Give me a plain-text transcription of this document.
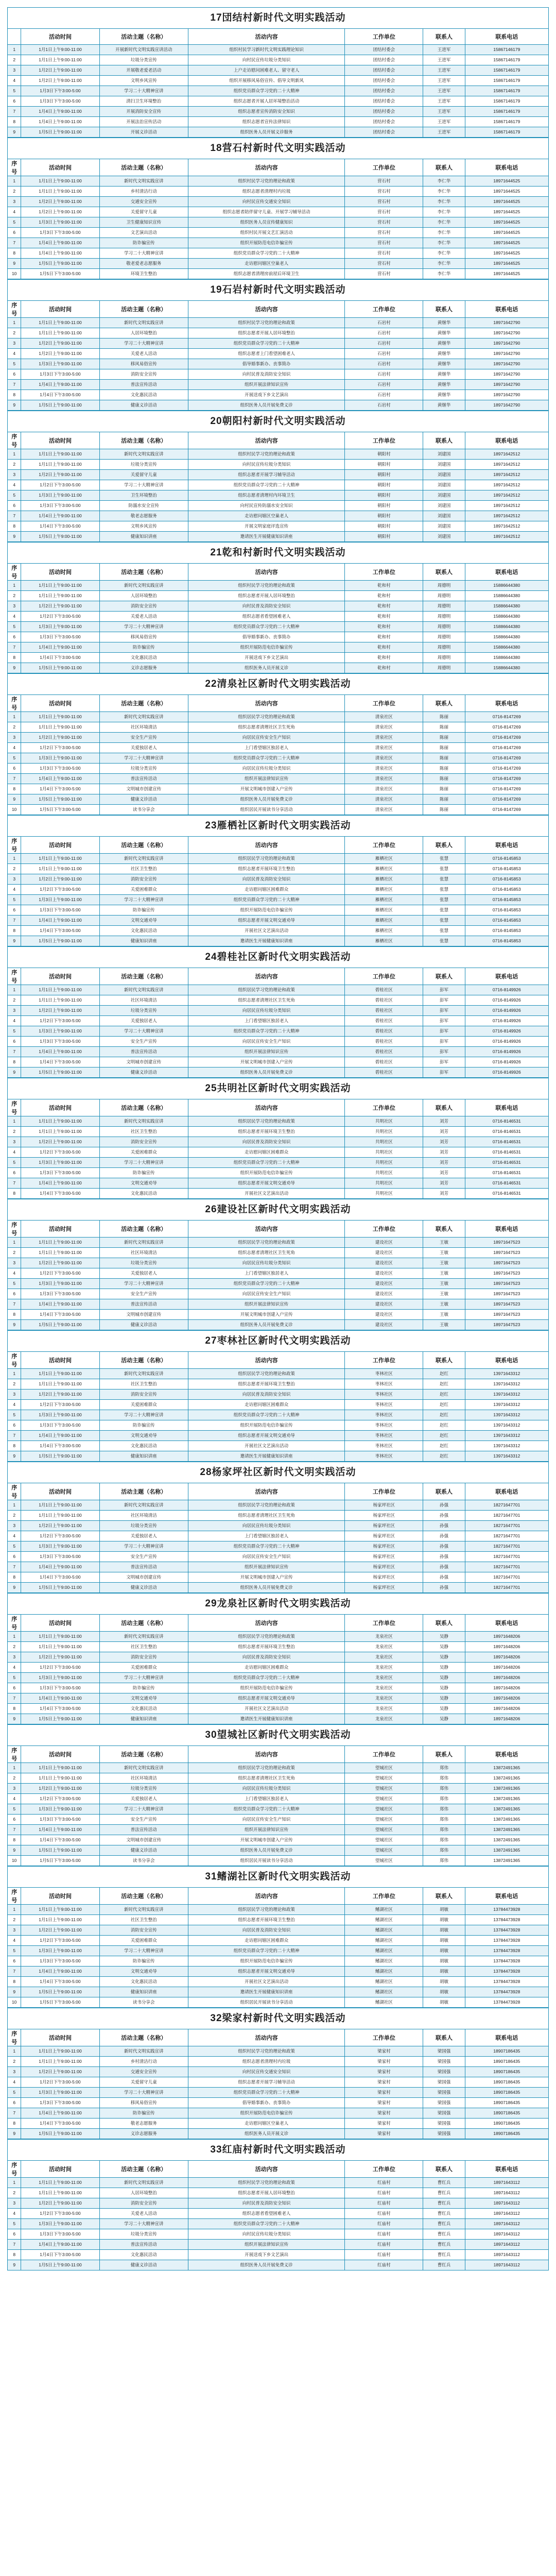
17団结村新时代文明实践活动
	活动时间	活动主题（名称）	活动内容	工作单位	联系人	联系电话
1	1月1日上午9:00-11:00	开展新时代文明实践宣讲活动	组织村民学习新时代文明实践理论知识	团结村委会	王进军	15867146179
2	1月1日上午9:00-11:00	垃圾分类宣传	向村民宣传垃圾分类知识	团结村委会	王进军	15867146179
3	1月2日上午9:00-11:00	开展敬老爱老活动	上户走访慰问困难老人、留守老人	团结村委会	王进军	15867146179
4	1月2日上午9:00-11:00	文明乡风宣传	组织开展移风易俗宣传、倡导文明新风	团结村委会	王进军	15867146179
5	1月3日下午3:00-5:00	学习二十大精神宣讲	组织党员群众学习党的二十大精神	团结村委会	王进军	15867146179
6	1月3日下午3:00-5:00	清扫卫生环境整治	组织志愿者开展人居环境整治活动	团结村委会	王进军	15867146179
7	1月4日上午9:00-11:00	开展消防安全宣传	组织志愿者宣传消防安全知识	团结村委会	王进军	15867146179
8	1月4日上午9:00-11:00	开展法治宣传活动	组织志愿者宣传法律知识	团结村委会	王进军	15867146179
9	1月5日上午9:00-11:00	开展义诊活动	组织医务人员开展义诊服务	团结村委会	王进军	15867146179
18营石村新时代文明实践活动
序号	活动时间	活动主题（名称）	活动内容	工作单位	联系人	联系电话
1	1月1日上午9:00-11:00	新时代文明实践宣讲	组织村民学习党的理论和政策	营石村	李仁华	18971644525
2	1月1日上午9:00-11:00	乡村清洁行动	组织志愿者清理村内垃圾	营石村	李仁华	18971644525
3	1月2日上午9:00-11:00	交通安全宣传	向村民宣传交通安全知识	营石村	李仁华	18971644525
4	1月2日上午9:00-11:00	关爱留守儿童	组织志愿者陪伴留守儿童、开展学习辅导活动	营石村	李仁华	18971644525
5	1月3日上午9:00-11:00	卫生健康知识宣传	组织医务人员宣传健康知识	营石村	李仁华	18971644525
6	1月3日下午3:00-5:00	文艺演出活动	组织村民开展文艺汇演活动	营石村	李仁华	18971644525
7	1月4日上午9:00-11:00	防诈骗宣传	组织开展防范电信诈骗宣传	营石村	李仁华	18971644525
8	1月4日上午9:00-11:00	学习二十大精神宣讲	组织党员群众学习党的二十大精神	营石村	李仁华	18971644525
9	1月5日上午9:00-11:00	敬老爱老志愿服务	走访慰问辖区空巢老人	营石村	李仁华	18971644525
10	1月5日下午3:00-5:00	环境卫生整治	组织志愿者清理房前屋后环境卫生	营石村	李仁华	18971644525
19石岩村新时代文明实践活动
序号	活动时间	活动主题（名称）	活动内容	工作单位	联系人	联系电话
1	1月1日上午9:00-11:00	新时代文明实践宣讲	组织村民学习党的理论和政策	石岩村	黄继华	18971642790
2	1月1日上午9:00-11:00	人居环境整治	组织志愿者开展人居环境整治	石岩村	黄继华	18971642790
3	1月2日上午9:00-11:00	学习二十大精神宣讲	组织党员群众学习党的二十大精神	石岩村	黄继华	18971642790
4	1月2日上午9:00-11:00	关爱老人活动	组织志愿者上门看望困难老人	石岩村	黄继华	18971642790
5	1月3日上午9:00-11:00	移风易俗宣传	倡导婚事新办、丧事简办	石岩村	黄继华	18971642790
6	1月3日下午3:00-5:00	消防安全宣传	向村民普及消防安全知识	石岩村	黄继华	18971642790
7	1月4日上午9:00-11:00	普法宣传活动	组织开展法律知识宣传	石岩村	黄继华	18971642790
8	1月4日下午3:00-5:00	文化惠民活动	开展送戏下乡文艺演出	石岩村	黄继华	18971642790
9	1月5日上午9:00-11:00	健康义诊活动	组织医务人员开展免费义诊	石岩村	黄继华	18971642790
20朝阳村新时代文明实践活动
序号	活动时间	活动主题（名称）	活动内容	工作单位	联系人	联系电话
1	1月1日上午9:00-11:00	新时代文明实践宣讲	组织村民学习党的理论和政策	朝阳村	刘建国	18971642512
2	1月1日上午9:00-11:00	垃圾分类宣传	向村民宣传垃圾分类知识	朝阳村	刘建国	18971642512
3	1月2日上午9:00-11:00	关爱留守儿童	组织志愿者开展学习辅导活动	朝阳村	刘建国	18971642512
4	1月2日下午3:00-5:00	学习二十大精神宣讲	组织党员群众学习党的二十大精神	朝阳村	刘建国	18971642512
5	1月3日上午9:00-11:00	卫生环境整治	组织志愿者清理村内环境卫生	朝阳村	刘建国	18971642512
6	1月3日下午3:00-5:00	防溺水安全宣传	向村民宣传防溺水安全知识	朝阳村	刘建国	18971642512
7	1月4日上午9:00-11:00	敬老志愿服务	走访慰问辖区空巢老人	朝阳村	刘建国	18971642512
8	1月4日下午3:00-5:00	文明乡风宣传	开展文明家庭评选宣传	朝阳村	刘建国	18971642512
9	1月5日上午9:00-11:00	健康知识讲座	邀请医生开展健康知识讲座	朝阳村	刘建国	18971642512
21乾和村新时代文明实践活动
序号	活动时间	活动主题（名称）	活动内容	工作单位	联系人	联系电话
1	1月1日上午9:00-11:00	新时代文明实践宣讲	组织村民学习党的理论和政策	乾和村	周德明	15886644380
2	1月1日上午9:00-11:00	人居环境整治	组织志愿者开展人居环境整治	乾和村	周德明	15886644380
3	1月2日上午9:00-11:00	消防安全宣传	向村民普及消防安全知识	乾和村	周德明	15886644380
4	1月2日下午3:00-5:00	关爱老人活动	组织志愿者看望困难老人	乾和村	周德明	15886644380
5	1月3日上午9:00-11:00	学习二十大精神宣讲	组织党员群众学习党的二十大精神	乾和村	周德明	15886644380
6	1月3日下午3:00-5:00	移风易俗宣传	倡导婚事新办、丧事简办	乾和村	周德明	15886644380
7	1月4日上午9:00-11:00	防诈骗宣传	组织开展防范电信诈骗宣传	乾和村	周德明	15886644380
8	1月4日下午3:00-5:00	文化惠民活动	开展送戏下乡文艺演出	乾和村	周德明	15886644380
9	1月5日上午9:00-11:00	义诊志愿服务	组织医务人员开展义诊	乾和村	周德明	15886644380
22清泉社区新时代文明实践活动
序号	活动时间	活动主题（名称）	活动内容	工作单位	联系人	联系电话
1	1月1日上午9:00-11:00	新时代文明实践宣讲	组织居民学习党的理论和政策	清泉社区	陈丽	0716-8147269
2	1月1日上午9:00-11:00	社区环境清洁	组织志愿者清理社区卫生死角	清泉社区	陈丽	0716-8147269
3	1月2日上午9:00-11:00	安全生产宣传	向居民宣传安全生产知识	清泉社区	陈丽	0716-8147269
4	1月2日下午3:00-5:00	关爱独居老人	上门看望辖区独居老人	清泉社区	陈丽	0716-8147269
5	1月3日上午9:00-11:00	学习二十大精神宣讲	组织党员群众学习党的二十大精神	清泉社区	陈丽	0716-8147269
6	1月3日下午3:00-5:00	垃圾分类宣传	向居民宣传垃圾分类知识	清泉社区	陈丽	0716-8147269
7	1月4日上午9:00-11:00	普法宣传活动	组织开展法律知识宣传	清泉社区	陈丽	0716-8147269
8	1月4日下午3:00-5:00	文明城市创建宣传	开展文明城市创建入户宣传	清泉社区	陈丽	0716-8147269
9	1月5日上午9:00-11:00	健康义诊活动	组织医务人员开展免费义诊	清泉社区	陈丽	0716-8147269
10	1月5日下午3:00-5:00	读书分享会	组织居民开展读书分享活动	清泉社区	陈丽	0716-8147269
23雁栖社区新时代文明实践活动
序号	活动时间	活动主题（名称）	活动内容	工作单位	联系人	联系电话
1	1月1日上午9:00-11:00	新时代文明实践宣讲	组织居民学习党的理论和政策	雁栖社区	张慧	0716-8145853
2	1月1日上午9:00-11:00	社区卫生整治	组织志愿者开展环境卫生整治	雁栖社区	张慧	0716-8145853
3	1月2日上午9:00-11:00	消防安全宣传	向居民普及消防安全知识	雁栖社区	张慧	0716-8145853
4	1月2日下午3:00-5:00	关爱困难群众	走访慰问辖区困难群众	雁栖社区	张慧	0716-8145853
5	1月3日上午9:00-11:00	学习二十大精神宣讲	组织党员群众学习党的二十大精神	雁栖社区	张慧	0716-8145853
6	1月3日下午3:00-5:00	防诈骗宣传	组织开展防范电信诈骗宣传	雁栖社区	张慧	0716-8145853
7	1月4日上午9:00-11:00	文明交通劝导	组织志愿者开展文明交通劝导	雁栖社区	张慧	0716-8145853
8	1月4日下午3:00-5:00	文化惠民活动	开展社区文艺演出活动	雁栖社区	张慧	0716-8145853
9	1月5日上午9:00-11:00	健康知识讲座	邀请医生开展健康知识讲座	雁栖社区	张慧	0716-8145853
24碧桂社区新时代文明实践活动
序号	活动时间	活动主题（名称）	活动内容	工作单位	联系人	联系电话
1	1月1日上午9:00-11:00	新时代文明实践宣讲	组织居民学习党的理论和政策	碧桂社区	彭军	0716-8149926
2	1月1日上午9:00-11:00	社区环境清洁	组织志愿者清理社区卫生死角	碧桂社区	彭军	0716-8149926
3	1月2日上午9:00-11:00	垃圾分类宣传	向居民宣传垃圾分类知识	碧桂社区	彭军	0716-8149926
4	1月2日下午3:00-5:00	关爱独居老人	上门看望辖区独居老人	碧桂社区	彭军	0716-8149926
5	1月3日上午9:00-11:00	学习二十大精神宣讲	组织党员群众学习党的二十大精神	碧桂社区	彭军	0716-8149926
6	1月3日下午3:00-5:00	安全生产宣传	向居民宣传安全生产知识	碧桂社区	彭军	0716-8149926
7	1月4日上午9:00-11:00	普法宣传活动	组织开展法律知识宣传	碧桂社区	彭军	0716-8149926
8	1月4日下午3:00-5:00	文明城市创建宣传	开展文明城市创建入户宣传	碧桂社区	彭军	0716-8149926
9	1月5日上午9:00-11:00	健康义诊活动	组织医务人员开展免费义诊	碧桂社区	彭军	0716-8149926
25共明社区新时代文明实践活动
序号	活动时间	活动主题（名称）	活动内容	工作单位	联系人	联系电话
1	1月1日上午9:00-11:00	新时代文明实践宣讲	组织居民学习党的理论和政策	共明社区	刘芳	0716-8146531
2	1月1日上午9:00-11:00	社区卫生整治	组织志愿者开展环境卫生整治	共明社区	刘芳	0716-8146531
3	1月2日上午9:00-11:00	消防安全宣传	向居民普及消防安全知识	共明社区	刘芳	0716-8146531
4	1月2日下午3:00-5:00	关爱困难群众	走访慰问辖区困难群众	共明社区	刘芳	0716-8146531
5	1月3日上午9:00-11:00	学习二十大精神宣讲	组织党员群众学习党的二十大精神	共明社区	刘芳	0716-8146531
6	1月3日下午3:00-5:00	防诈骗宣传	组织开展防范电信诈骗宣传	共明社区	刘芳	0716-8146531
7	1月4日上午9:00-11:00	文明交通劝导	组织志愿者开展文明交通劝导	共明社区	刘芳	0716-8146531
8	1月4日下午3:00-5:00	文化惠民活动	开展社区文艺演出活动	共明社区	刘芳	0716-8146531
26建设社区新时代文明实践活动
序号	活动时间	活动主题（名称）	活动内容	工作单位	联系人	联系电话
1	1月1日上午9:00-11:00	新时代文明实践宣讲	组织居民学习党的理论和政策	建设社区	王敏	18971647523
2	1月1日上午9:00-11:00	社区环境清洁	组织志愿者清理社区卫生死角	建设社区	王敏	18971647523
3	1月2日上午9:00-11:00	垃圾分类宣传	向居民宣传垃圾分类知识	建设社区	王敏	18971647523
4	1月2日下午3:00-5:00	关爱独居老人	上门看望辖区独居老人	建设社区	王敏	18971647523
5	1月3日上午9:00-11:00	学习二十大精神宣讲	组织党员群众学习党的二十大精神	建设社区	王敏	18971647523
6	1月3日下午3:00-5:00	安全生产宣传	向居民宣传安全生产知识	建设社区	王敏	18971647523
7	1月4日上午9:00-11:00	普法宣传活动	组织开展法律知识宣传	建设社区	王敏	18971647523
8	1月4日下午3:00-5:00	文明城市创建宣传	开展文明城市创建入户宣传	建设社区	王敏	18971647523
9	1月5日上午9:00-11:00	健康义诊活动	组织医务人员开展免费义诊	建设社区	王敏	18971647523
27枣林社区新时代文明实践活动
序号	活动时间	活动主题（名称）	活动内容	工作单位	联系人	联系电话
1	1月1日上午9:00-11:00	新时代文明实践宣讲	组织居民学习党的理论和政策	枣林社区	赵红	13971643312
2	1月1日上午9:00-11:00	社区卫生整治	组织志愿者开展环境卫生整治	枣林社区	赵红	13971643312
3	1月2日上午9:00-11:00	消防安全宣传	向居民普及消防安全知识	枣林社区	赵红	13971643312
4	1月2日下午3:00-5:00	关爱困难群众	走访慰问辖区困难群众	枣林社区	赵红	13971643312
5	1月3日上午9:00-11:00	学习二十大精神宣讲	组织党员群众学习党的二十大精神	枣林社区	赵红	13971643312
6	1月3日下午3:00-5:00	防诈骗宣传	组织开展防范电信诈骗宣传	枣林社区	赵红	13971643312
7	1月4日上午9:00-11:00	文明交通劝导	组织志愿者开展文明交通劝导	枣林社区	赵红	13971643312
8	1月4日下午3:00-5:00	文化惠民活动	开展社区文艺演出活动	枣林社区	赵红	13971643312
9	1月5日上午9:00-11:00	健康知识讲座	邀请医生开展健康知识讲座	枣林社区	赵红	13971643312
28杨家坪社区新时代文明实践活动
序号	活动时间	活动主题（名称）	活动内容	工作单位	联系人	联系电话
1	1月1日上午9:00-11:00	新时代文明实践宣讲	组织居民学习党的理论和政策	杨家坪社区	孙强	18271647701
2	1月1日上午9:00-11:00	社区环境清洁	组织志愿者清理社区卫生死角	杨家坪社区	孙强	18271647701
3	1月2日上午9:00-11:00	垃圾分类宣传	向居民宣传垃圾分类知识	杨家坪社区	孙强	18271647701
4	1月2日下午3:00-5:00	关爱独居老人	上门看望辖区独居老人	杨家坪社区	孙强	18271647701
5	1月3日上午9:00-11:00	学习二十大精神宣讲	组织党员群众学习党的二十大精神	杨家坪社区	孙强	18271647701
6	1月3日下午3:00-5:00	安全生产宣传	向居民宣传安全生产知识	杨家坪社区	孙强	18271647701
7	1月4日上午9:00-11:00	普法宣传活动	组织开展法律知识宣传	杨家坪社区	孙强	18271647701
8	1月4日下午3:00-5:00	文明城市创建宣传	开展文明城市创建入户宣传	杨家坪社区	孙强	18271647701
9	1月5日上午9:00-11:00	健康义诊活动	组织医务人员开展免费义诊	杨家坪社区	孙强	18271647701
29龙泉社区新时代文明实践活动
序号	活动时间	活动主题（名称）	活动内容	工作单位	联系人	联系电话
1	1月1日上午9:00-11:00	新时代文明实践宣讲	组织居民学习党的理论和政策	龙泉社区	吴静	18971648206
2	1月1日上午9:00-11:00	社区卫生整治	组织志愿者开展环境卫生整治	龙泉社区	吴静	18971648206
3	1月2日上午9:00-11:00	消防安全宣传	向居民普及消防安全知识	龙泉社区	吴静	18971648206
4	1月2日下午3:00-5:00	关爱困难群众	走访慰问辖区困难群众	龙泉社区	吴静	18971648206
5	1月3日上午9:00-11:00	学习二十大精神宣讲	组织党员群众学习党的二十大精神	龙泉社区	吴静	18971648206
6	1月3日下午3:00-5:00	防诈骗宣传	组织开展防范电信诈骗宣传	龙泉社区	吴静	18971648206
7	1月4日上午9:00-11:00	文明交通劝导	组织志愿者开展文明交通劝导	龙泉社区	吴静	18971648206
8	1月4日下午3:00-5:00	文化惠民活动	开展社区文艺演出活动	龙泉社区	吴静	18971648206
9	1月5日上午9:00-11:00	健康知识讲座	邀请医生开展健康知识讲座	龙泉社区	吴静	18971648206
30望城社区新时代文明实践活动
序号	活动时间	活动主题（名称）	活动内容	工作单位	联系人	联系电话
1	1月1日上午9:00-11:00	新时代文明实践宣讲	组织居民学习党的理论和政策	望城社区	郑伟	13872491365
2	1月1日上午9:00-11:00	社区环境清洁	组织志愿者清理社区卫生死角	望城社区	郑伟	13872491365
3	1月2日上午9:00-11:00	垃圾分类宣传	向居民宣传垃圾分类知识	望城社区	郑伟	13872491365
4	1月2日下午3:00-5:00	关爱独居老人	上门看望辖区独居老人	望城社区	郑伟	13872491365
5	1月3日上午9:00-11:00	学习二十大精神宣讲	组织党员群众学习党的二十大精神	望城社区	郑伟	13872491365
6	1月3日下午3:00-5:00	安全生产宣传	向居民宣传安全生产知识	望城社区	郑伟	13872491365
7	1月4日上午9:00-11:00	普法宣传活动	组织开展法律知识宣传	望城社区	郑伟	13872491365
8	1月4日下午3:00-5:00	文明城市创建宣传	开展文明城市创建入户宣传	望城社区	郑伟	13872491365
9	1月5日上午9:00-11:00	健康义诊活动	组织医务人员开展免费义诊	望城社区	郑伟	13872491365
10	1月5日下午3:00-5:00	读书分享会	组织居民开展读书分享活动	望城社区	郑伟	13872491365
31鳍湖社区新时代文明实践活动
序号	活动时间	活动主题（名称）	活动内容	工作单位	联系人	联系电话
1	1月1日上午9:00-11:00	新时代文明实践宣讲	组织居民学习党的理论和政策	鳍湖社区	胡敏	13784473928
2	1月1日上午9:00-11:00	社区卫生整治	组织志愿者开展环境卫生整治	鳍湖社区	胡敏	13784473928
3	1月2日上午9:00-11:00	消防安全宣传	向居民普及消防安全知识	鳍湖社区	胡敏	13784473928
4	1月2日下午3:00-5:00	关爱困难群众	走访慰问辖区困难群众	鳍湖社区	胡敏	13784473928
5	1月3日上午9:00-11:00	学习二十大精神宣讲	组织党员群众学习党的二十大精神	鳍湖社区	胡敏	13784473928
6	1月3日下午3:00-5:00	防诈骗宣传	组织开展防范电信诈骗宣传	鳍湖社区	胡敏	13784473928
7	1月4日上午9:00-11:00	文明交通劝导	组织志愿者开展文明交通劝导	鳍湖社区	胡敏	13784473928
8	1月4日下午3:00-5:00	文化惠民活动	开展社区文艺演出活动	鳍湖社区	胡敏	13784473928
9	1月5日上午9:00-11:00	健康知识讲座	邀请医生开展健康知识讲座	鳍湖社区	胡敏	13784473928
10	1月5日下午3:00-5:00	读书分享会	组织居民开展读书分享活动	鳍湖社区	胡敏	13784473928
32梁家村新时代文明实践活动
序号	活动时间	活动主题（名称）	活动内容	工作单位	联系人	联系电话
1	1月1日上午9:00-11:00	新时代文明实践宣讲	组织村民学习党的理论和政策	梁家村	梁国强	18907186435
2	1月1日上午9:00-11:00	乡村清洁行动	组织志愿者清理村内垃圾	梁家村	梁国强	18907186435
3	1月2日上午9:00-11:00	交通安全宣传	向村民宣传交通安全知识	梁家村	梁国强	18907186435
4	1月2日下午3:00-5:00	关爱留守儿童	组织志愿者开展学习辅导活动	梁家村	梁国强	18907186435
5	1月3日上午9:00-11:00	学习二十大精神宣讲	组织党员群众学习党的二十大精神	梁家村	梁国强	18907186435
6	1月3日下午3:00-5:00	移风易俗宣传	倡导婚事新办、丧事简办	梁家村	梁国强	18907186435
7	1月4日上午9:00-11:00	防诈骗宣传	组织开展防范电信诈骗宣传	梁家村	梁国强	18907186435
8	1月4日下午3:00-5:00	敬老志愿服务	走访慰问辖区空巢老人	梁家村	梁国强	18907186435
9	1月5日上午9:00-11:00	义诊志愿服务	组织医务人员开展义诊	梁家村	梁国强	18907186435
33红庙村新时代文明实践活动
序号	活动时间	活动主题（名称）	活动内容	工作单位	联系人	联系电话
1	1月1日上午9:00-11:00	新时代文明实践宣讲	组织村民学习党的理论和政策	红庙村	曹红兵	18971643112
2	1月1日上午9:00-11:00	人居环境整治	组织志愿者开展人居环境整治	红庙村	曹红兵	18971643112
3	1月2日上午9:00-11:00	消防安全宣传	向村民普及消防安全知识	红庙村	曹红兵	18971643112
4	1月2日下午3:00-5:00	关爱老人活动	组织志愿者看望困难老人	红庙村	曹红兵	18971643112
5	1月3日上午9:00-11:00	学习二十大精神宣讲	组织党员群众学习党的二十大精神	红庙村	曹红兵	18971643112
6	1月3日下午3:00-5:00	垃圾分类宣传	向村民宣传垃圾分类知识	红庙村	曹红兵	18971643112
7	1月4日上午9:00-11:00	普法宣传活动	组织开展法律知识宣传	红庙村	曹红兵	18971643112
8	1月4日下午3:00-5:00	文化惠民活动	开展送戏下乡文艺演出	红庙村	曹红兵	18971643112
9	1月5日上午9:00-11:00	健康义诊活动	组织医务人员开展免费义诊	红庙村	曹红兵	18971643112
